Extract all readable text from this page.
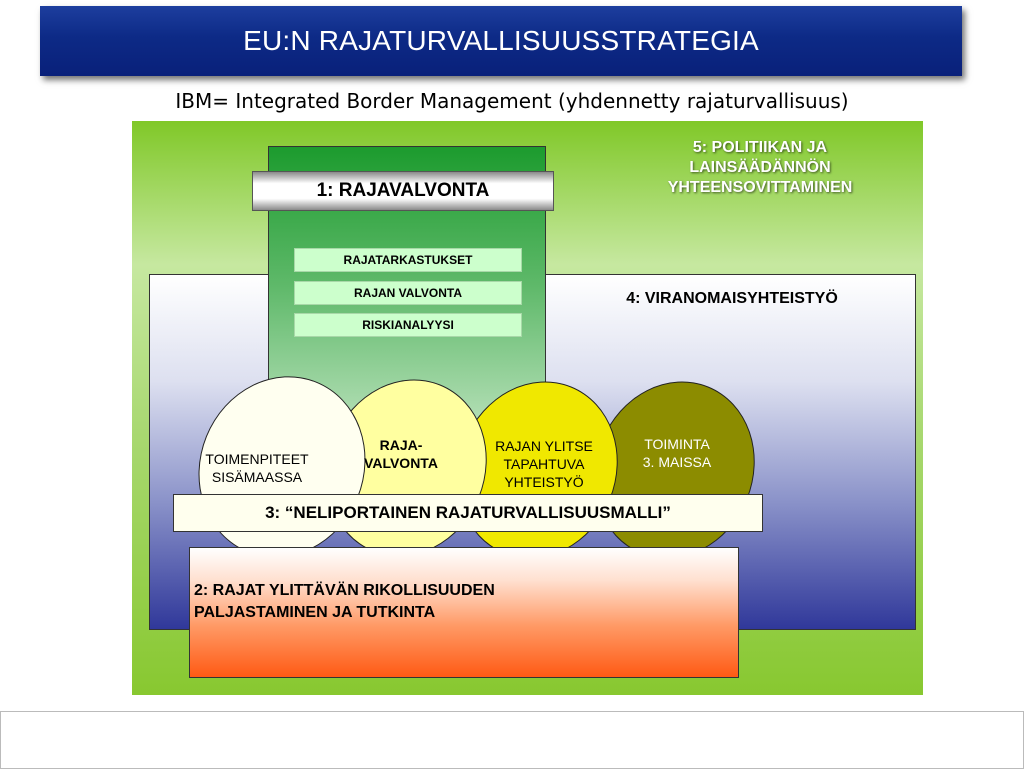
EU:N RAJATURVALLISUUSSTRATEGIA
IBM= Integrated Border Management (yhdennetty rajaturvallisuus)
5: POLITIIKAN JA
LAINSÄÄDÄNNÖN
YHTEENSOVITTAMINEN
4: VIRANOMAISYHTEISTYÖ
1: RAJAVALVONTA
RAJATARKASTUKSET
RAJAN VALVONTA
RISKIANALYYSI
TOIMENPITEET
SISÄMAASSA
RAJA-
VALVONTA
RAJAN YLITSE
TAPAHTUVA
YHTEISTYÖ
TOIMINTA
3. MAISSA
3: “NELIPORTAINEN RAJATURVALLISUUSMALLI”
2: RAJAT YLITTÄVÄN RIKOLLISUUDEN
PALJASTAMINEN JA TUTKINTA
